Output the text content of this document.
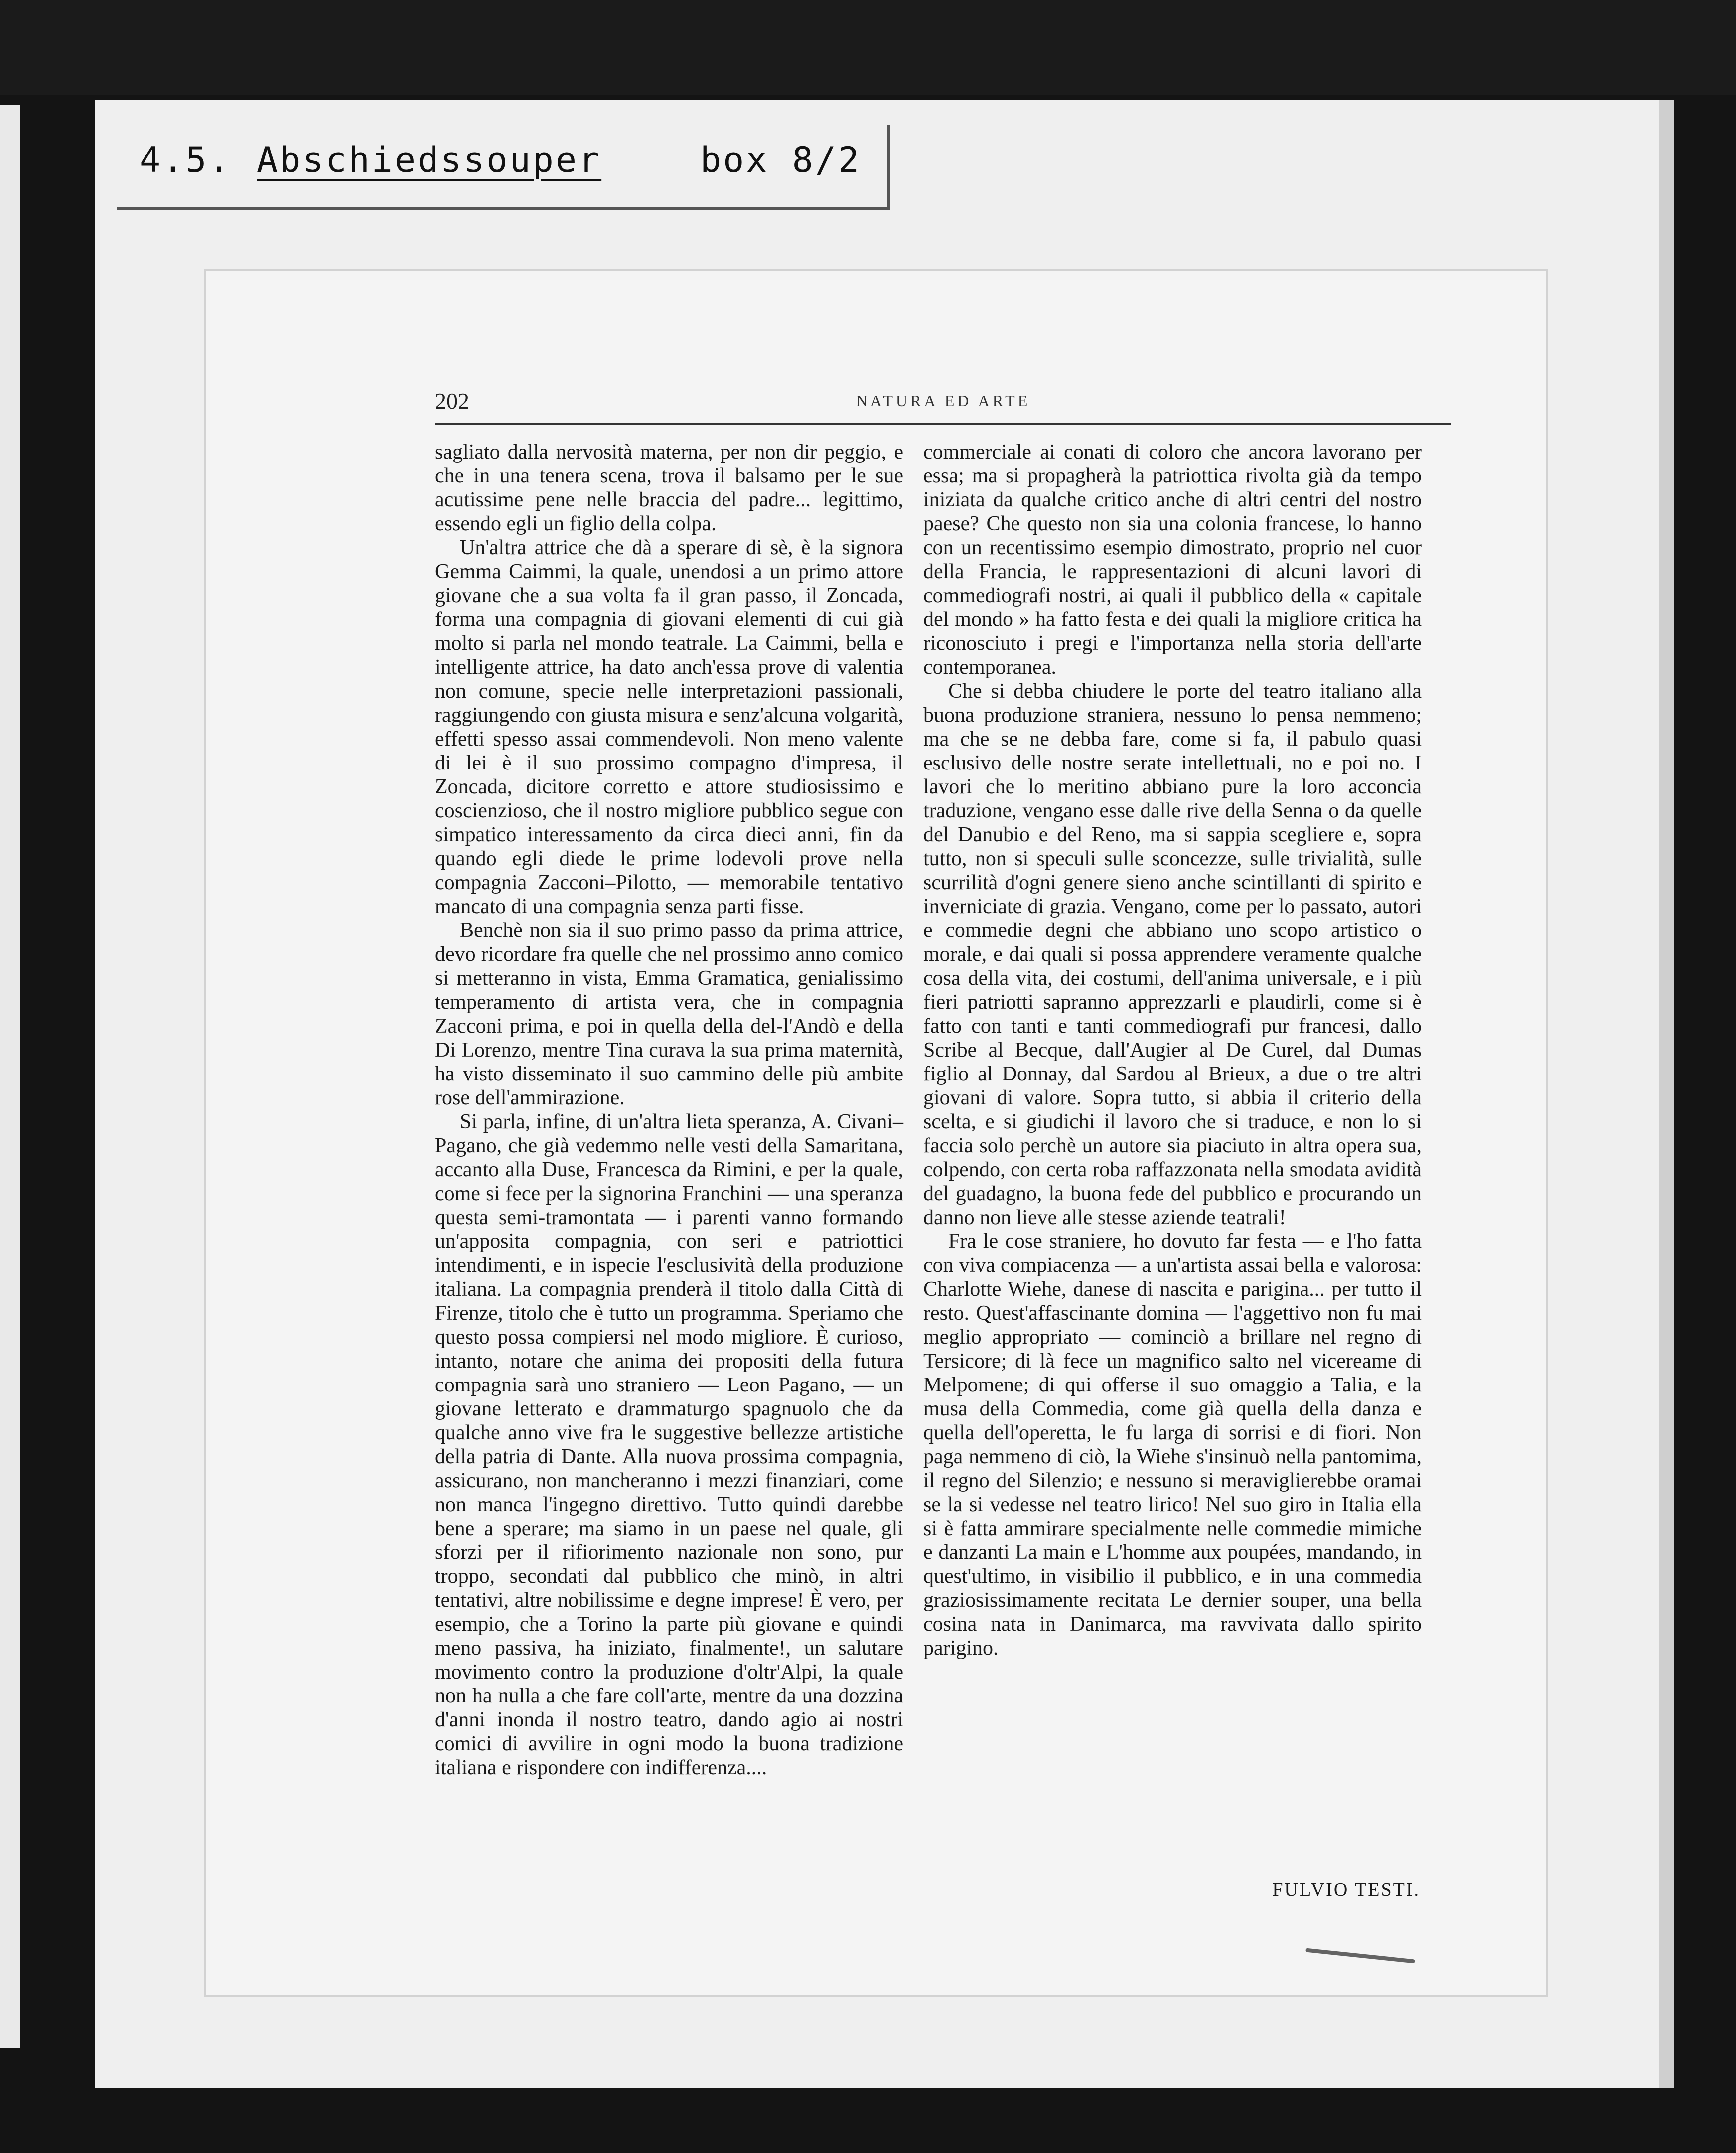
4.5. Abschiedssouper	box 8/2
202	NATURA ED ARTE

sagliato dalla nervosità materna, per non dir peggio, e che in una tenera scena, trova il balsamo per le sue acutissime pene nelle braccia del padre... legittimo, essendo egli un figlio della colpa.

Un'altra attrice che dà a sperare di sè, è la signora Gemma Caimmi, la quale, unendosi a un primo attore giovane che a sua volta fa il gran passo, il Zoncada, forma una compagnia di giovani elementi di cui già molto si parla nel mondo teatrale. La Caimmi, bella e intelligente attrice, ha dato anch'essa prove di valentia non comune, specie nelle interpretazioni passionali, raggiungendo con giusta misura e senz'alcuna volgarità, effetti spesso assai commendevoli. Non meno valente di lei è il suo prossimo compagno d'impresa, il Zoncada, dicitore corretto e attore studiosissimo e coscienzioso, che il nostro migliore pubblico segue con simpatico interessamento da circa dieci anni, fin da quando egli diede le prime lodevoli prove nella compagnia Zacconi–Pilotto, — memorabile tentativo mancato di una compagnia senza parti fisse.

Benchè non sia il suo primo passo da prima attrice, devo ricordare fra quelle che nel prossimo anno comico si metteranno in vista, Emma Gramatica, genialissimo temperamento di artista vera, che in compagnia Zacconi prima, e poi in quella della del-l'Andò e della Di Lorenzo, mentre Tina curava la sua prima maternità, ha visto disseminato il suo cammino delle più ambite rose dell'ammirazione.

Si parla, infine, di un'altra lieta speranza, A. Civani–Pagano, che già vedemmo nelle vesti della Samaritana, accanto alla Duse, Francesca da Rimini, e per la quale, come si fece per la signorina Franchini — una speranza questa semi-tramontata — i parenti vanno formando un'apposita compagnia, con seri e patriottici intendimenti, e in ispecie l'esclusività della produzione italiana. La compagnia prenderà il titolo dalla Città di Firenze, titolo che è tutto un programma. Speriamo che questo possa compiersi nel modo migliore. È curioso, intanto, notare che anima dei propositi della futura compagnia sarà uno straniero — Leon Pagano, — un giovane letterato e drammaturgo spagnuolo che da qualche anno vive fra le suggestive bellezze artistiche della patria di Dante. Alla nuova prossima compagnia, assicurano, non mancheranno i mezzi finanziari, come non manca l'ingegno direttivo. Tutto quindi darebbe bene a sperare; ma siamo in un paese nel quale, gli sforzi per il rifiorimento nazionale non sono, pur troppo, secondati dal pubblico che minò, in altri tentativi, altre nobilissime e degne imprese! È vero, per esempio, che a Torino la parte più giovane e quindi meno passiva, ha iniziato, finalmente!, un salutare movimento contro la produzione d'oltr'Alpi, la quale non ha nulla a che fare coll'arte, mentre da una dozzina d'anni inonda il nostro teatro, dando agio ai nostri comici di avvilire in ogni modo la buona tradizione italiana e rispondere con indifferenza....

commerciale ai conati di coloro che ancora lavorano per essa; ma si propagherà la patriottica rivolta già da tempo iniziata da qualche critico anche di altri centri del nostro paese? Che questo non sia una colonia francese, lo hanno con un recentissimo esempio dimostrato, proprio nel cuor della Francia, le rappresentazioni di alcuni lavori di commediografi nostri, ai quali il pubblico della « capitale del mondo » ha fatto festa e dei quali la migliore critica ha riconosciuto i pregi e l'importanza nella storia dell'arte contemporanea.

Che si debba chiudere le porte del teatro italiano alla buona produzione straniera, nessuno lo pensa nemmeno; ma che se ne debba fare, come si fa, il pabulo quasi esclusivo delle nostre serate intellettuali, no e poi no. I lavori che lo meritino abbiano pure la loro acconcia traduzione, vengano esse dalle rive della Senna o da quelle del Danubio e del Reno, ma si sappia scegliere e, sopra tutto, non si speculi sulle sconcezze, sulle trivialità, sulle scurrilità d'ogni genere sieno anche scintillanti di spirito e inverniciate di grazia. Vengano, come per lo passato, autori e commedie degni che abbiano uno scopo artistico o morale, e dai quali si possa apprendere veramente qualche cosa della vita, dei costumi, dell'anima universale, e i più fieri patriotti sapranno apprezzarli e plaudirli, come si è fatto con tanti e tanti commediografi pur francesi, dallo Scribe al Becque, dall'Augier al De Curel, dal Dumas figlio al Donnay, dal Sardou al Brieux, a due o tre altri giovani di valore. Sopra tutto, si abbia il criterio della scelta, e si giudichi il lavoro che si traduce, e non lo si faccia solo perchè un autore sia piaciuto in altra opera sua, colpendo, con certa roba raffazzonata nella smodata avidità del guadagno, la buona fede del pubblico e procurando un danno non lieve alle stesse aziende teatrali!

Fra le cose straniere, ho dovuto far festa — e l'ho fatta con viva compiacenza — a un'artista assai bella e valorosa: Charlotte Wiehe, danese di nascita e parigina... per tutto il resto. Quest'affascinante domina — l'aggettivo non fu mai meglio appropriato — cominciò a brillare nel regno di Tersicore; di là fece un magnifico salto nel vicereame di Melpomene; di qui offerse il suo omaggio a Talia, e la musa della Commedia, come già quella della danza e quella dell'operetta, le fu larga di sorrisi e di fiori. Non paga nemmeno di ciò, la Wiehe s'insinuò nella pantomima, il regno del Silenzio; e nessuno si meraviglierebbe oramai se la si vedesse nel teatro lirico! Nel suo giro in Italia ella si è fatta ammirare specialmente nelle commedie mimiche e danzanti La main e L'homme aux poupées, mandando, in quest'ultimo, in visibilio il pubblico, e in una commedia graziosissimamente recitata Le dernier souper, una bella cosina nata in Danimarca, ma ravvivata dallo spirito parigino.

FULVIO TESTI.
